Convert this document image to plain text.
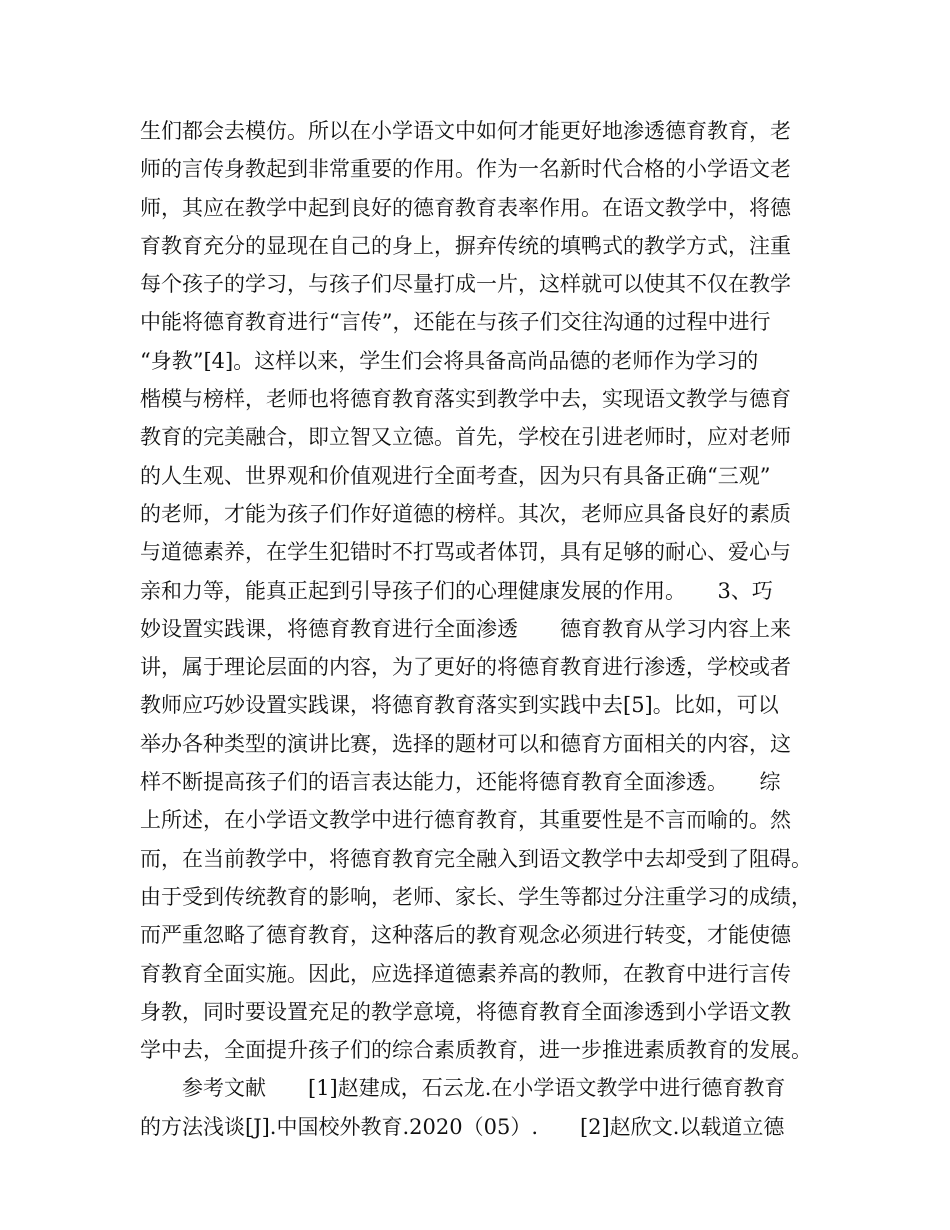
生们都会去模仿。所以在小学语文中如何才能更好地渗透德育教育，老
师的言传身教起到非常重要的作用。作为一名新时代合格的小学语文老
师，其应在教学中起到良好的德育教育表率作用。在语文教学中，将德
育教育充分的显现在自己的身上，摒弃传统的填鸭式的教学方式，注重
每个孩子的学习，与孩子们尽量打成一片，这样就可以使其不仅在教学
中能将德育教育进行“言传”，还能在与孩子们交往沟通的过程中进行
“身教”[4]。这样以来，学生们会将具备高尚品德的老师作为学习的
楷模与榜样，老师也将德育教育落实到教学中去，实现语文教学与德育
教育的完美融合，即立智又立德。首先，学校在引进老师时，应对老师
的人生观、世界观和价值观进行全面考查，因为只有具备正确“三观”
的老师，才能为孩子们作好道德的榜样。其次，老师应具备良好的素质
与道德素养，在学生犯错时不打骂或者体罚，具有足够的耐心、爱心与
亲和力等，能真正起到引导孩子们的心理健康发展的作用。　　3、巧
妙设置实践课，将德育教育进行全面渗透　　德育教育从学习内容上来
讲，属于理论层面的内容，为了更好的将德育教育进行渗透，学校或者
教师应巧妙设置实践课，将德育教育落实到实践中去[5]。比如，可以
举办各种类型的演讲比赛，选择的题材可以和德育方面相关的内容，这
样不断提高孩子们的语言表达能力，还能将德育教育全面渗透。　　综
上所述，在小学语文教学中进行德育教育，其重要性是不言而喻的。然
而，在当前教学中，将德育教育完全融入到语文教学中去却受到了阻碍。
由于受到传统教育的影响，老师、家长、学生等都过分注重学习的成绩，
而严重忽略了德育教育，这种落后的教育观念必须进行转变，才能使德
育教育全面实施。因此，应选择道德素养高的教师，在教育中进行言传
身教，同时要设置充足的教学意境，将德育教育全面渗透到小学语文教
学中去，全面提升孩子们的综合素质教育，进一步推进素质教育的发展。
　　参考文献　　[1]赵建成，石云龙.在小学语文教学中进行德育教育
的方法浅谈[J].中国校外教育.2020（05）.　　[2]赵欣文.以载道立德
